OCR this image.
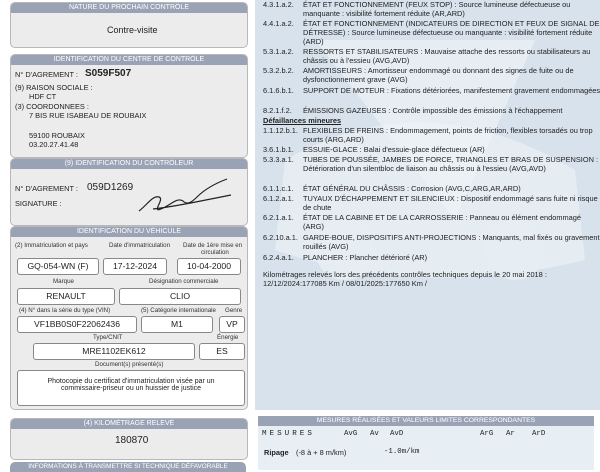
NATURE DU PROCHAIN CONTRÔLE
Contre-visite
IDENTIFICATION DU CENTRE DE CONTRÔLE
N° D'AGREMENT : S059F507
(9) RAISON SOCIALE :
HDF CT
(3) COORDONNEES :
7 BIS RUE ISABEAU DE ROUBAIX
59100 ROUBAIX
03.20.27.41.48
(9) IDENTIFICATION DU CONTRÔLEUR
N° D'AGREMENT : 059D1269
SIGNATURE :
IDENTIFICATION DU VÉHICULE
(2) Immatriculation et pays	Date d'immatriculation Date de 1ère mise en
circulation
GQ-054-WN (F)	17-12-2024	10-04-2000
Marque	Désignation commerciale
RENAULT	CLIO
(4) N° dans la série du type (VIN)	(5) Catégorie internationale Genre
VF1BB0S0F22062436	M1	VP
Type/CNIT	Énergie
MRE1102EK612	ES
Document(s) présenté(s)
Photocopie du certificat d'immatriculation visée par un
commissaire-priseur ou un huissier de justice
(4) KILOMÉTRAGE RELEVÉ
180870
INFORMATIONS À TRANSMETTRE SI TECHNIQUE DÉFAVORABLE
4.3.1.a.2.	ÉTAT ET FONCTIONNEMENT (FEUX STOP) : Source lumineuse défectueuse ou manquante : visibilité fortement réduite (AR,ARD)
4.4.1.a.2.	ÉTAT ET FONCTIONNEMENT (INDICATEURS DE DIRECTION ET FEUX DE SIGNAL DE DÉTRESSE) : Source lumineuse défectueuse ou manquante : visibilité fortement réduite (ARD)
5.3.1.a.2.	RESSORTS ET STABILISATEURS : Mauvaise attache des ressorts ou stabilisateurs au châssis ou à l'essieu (AVG,AVD)
5.3.2.b.2.	AMORTISSEURS : Amortisseur endommagé ou donnant des signes de fuite ou de dysfonctionnement grave (AVG)
6.1.6.b.1.	SUPPORT DE MOTEUR : Fixations détériorées, manifestement gravement endommagées
8.2.1.f.2.	ÉMISSIONS GAZEUSES : Contrôle impossible des émissions à l'échappement
Défaillances mineures
1.1.12.b.1. FLEXIBLES DE FREINS : Endommagement, points de friction, flexibles torsadés ou trop courts (ARG,ARD)
3.6.1.b.1.	ESSUIE-GLACE : Balai d'essuie-glace défectueux (AR)
5.3.3.a.1.	TUBES DE POUSSÉE, JAMBES DE FORCE, TRIANGLES ET BRAS DE SUSPENSION : Détérioration d'un silentbloc de liaison au châssis ou à l'essieu (AVG,AVD)
6.1.1.c.1.	ÉTAT GÉNÉRAL DU CHÂSSIS : Corrosion (AVG,C,ARG,AR,ARD)
6.1.2.a.1.	TUYAUX D'ÉCHAPPEMENT ET SILENCIEUX : Dispositif endommagé sans fuite ni risque de chute
6.2.1.a.1.	ÉTAT DE LA CABINE ET DE LA CARROSSERIE : Panneau ou élément endommagé (ARG)
6.2.10.a.1. GARDE-BOUE, DISPOSITIFS ANTI-PROJECTIONS : Manquants, mal fixés ou gravement rouillés (AVG)
6.2.4.a.1.	PLANCHER : Plancher détérioré (AR)
Kilométrages relevés lors des précédents contrôles techniques depuis le 20 mai 2018 :
12/12/2024:177085 Km / 08/01/2025:177650 Km /
MESURES RÉALISÉES ET VALEURS LIMITES CORRESPONDANTES
MESURES	AvG Av AvD	ArG Ar ArD
Ripage (-8 à + 8 m/km)	-1.0m/km
